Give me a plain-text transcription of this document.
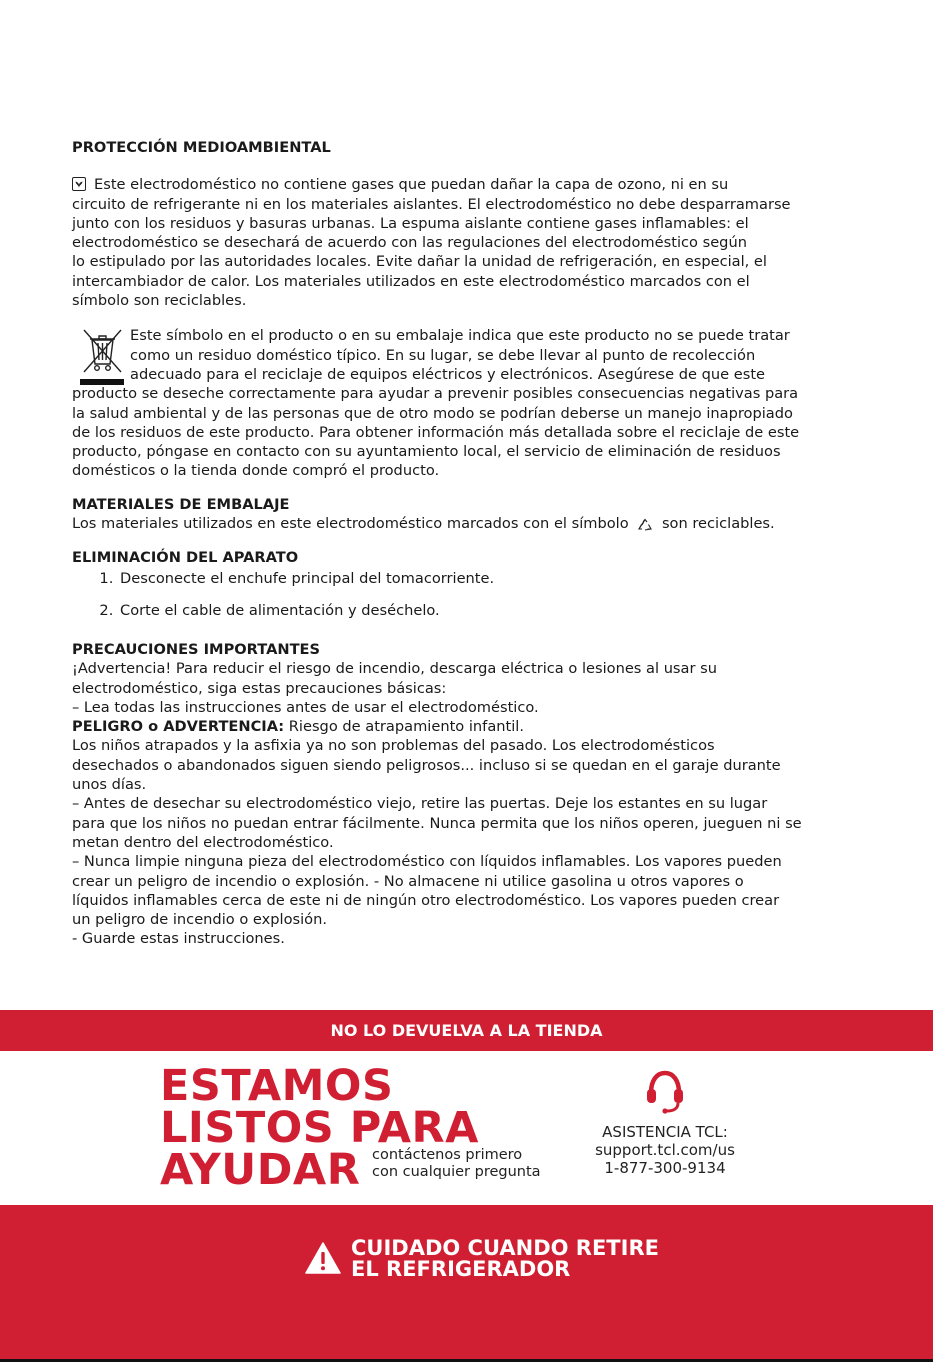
PROTECCIÓN MEDIOAMBIENTAL

Este electrodoméstico no contiene gases que puedan dañar la capa de ozono, ni en su
circuito de refrigerante ni en los materiales aislantes. El electrodoméstico no debe desparramarse
junto con los residuos y basuras urbanas. La espuma aislante contiene gases inflamables: el
electrodoméstico se desechará de acuerdo con las regulaciones del electrodoméstico según
lo estipulado por las autoridades locales. Evite dañar la unidad de refrigeración, en especial, el
intercambiador de calor. Los materiales utilizados en este electrodoméstico marcados con el
símbolo son reciclables.

Este símbolo en el producto o en su embalaje indica que este producto no se puede tratar
como un residuo doméstico típico. En su lugar, se debe llevar al punto de recolección
adecuado para el reciclaje de equipos eléctricos y electrónicos. Asegúrese de que este
producto se deseche correctamente para ayudar a prevenir posibles consecuencias negativas para
la salud ambiental y de las personas que de otro modo se podrían deberse un manejo inapropiado
de los residuos de este producto. Para obtener información más detallada sobre el reciclaje de este
producto, póngase en contacto con su ayuntamiento local, el servicio de eliminación de residuos
domésticos o la tienda donde compró el producto.

MATERIALES DE EMBALAJE

Los materiales utilizados en este electrodoméstico marcados con el símbolo son reciclables.

ELIMINACIÓN DEL APARATO

1. Desconecte el enchufe principal del tomacorriente.
2. Corte el cable de alimentación y deséchelo.

PRECAUCIONES IMPORTANTES

¡Advertencia! Para reducir el riesgo de incendio, descarga eléctrica o lesiones al usar su
electrodoméstico, siga estas precauciones básicas:
– Lea todas las instrucciones antes de usar el electrodoméstico.
PELIGRO o ADVERTENCIA: Riesgo de atrapamiento infantil.
Los niños atrapados y la asfixia ya no son problemas del pasado. Los electrodomésticos
desechados o abandonados siguen siendo peligrosos... incluso si se quedan en el garaje durante
unos días.
– Antes de desechar su electrodoméstico viejo, retire las puertas. Deje los estantes en su lugar
para que los niños no puedan entrar fácilmente. Nunca permita que los niños operen, jueguen ni se
metan dentro del electrodoméstico.
– Nunca limpie ninguna pieza del electrodoméstico con líquidos inflamables. Los vapores pueden
crear un peligro de incendio o explosión. - No almacene ni utilice gasolina u otros vapores o
líquidos inflamables cerca de este ni de ningún otro electrodoméstico. Los vapores pueden crear
un peligro de incendio o explosión.
- Guarde estas instrucciones.

NO LO DEVUELVA A LA TIENDA
ESTAMOS
LISTOS PARA
AYUDAR contáctenos primero
con cualquier pregunta
ASISTENCIA TCL:
support.tcl.com/us
1-877-300-9134
CUIDADO CUANDO RETIRE
EL REFRIGERADOR
